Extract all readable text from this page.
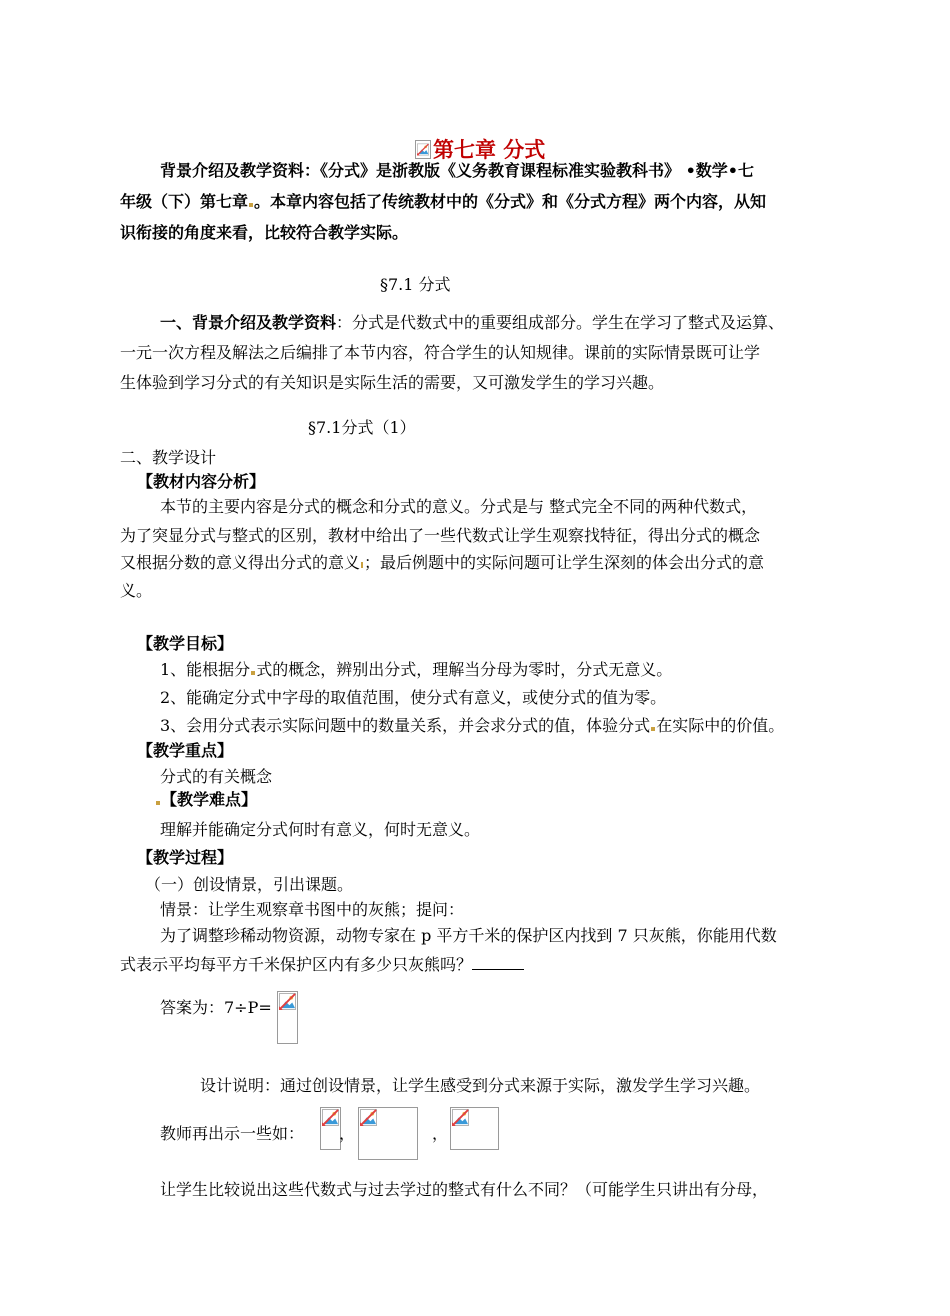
第七章 分式
背景介绍及教学资料：《分式》是浙教版《义务教育课程标准实验教科书》 •数学•七
年级（下）第七章 。本章内容包括了传统教材中的《分式》和《分式方程》两个内容，从知
识衔接的角度来看，比较符合教学实际。
§7.1 分式
一、背景介绍及教学资料：分式是代数式中的重要组成部分。学生在学习了整式及运算、
一元一次方程及解法之后编排了本节内容，符合学生的认知规律。课前的实际情景既可让学
生体验到学习分式的有关知识是实际生活的需要，又可激发学生的学习兴趣。
§7.1分式（1）
二、教学设计
【教材内容分析】
本节的主要内容是分式的概念和分式的意义。分式是与 整式完全不同的两种代数式，
为了突显分式与整式的区别，教材中给出了一些代数式让学生观察找特征，得出分式的概念
又根据分数的意义得出分式的意义 ；最后例题中的实际问题可让学生深刻的体会出分式的意
义。
【教学目标】
1、能根据分 式的概念，辨别出分式，理解当分母为零时，分式无意义。
2、能确定分式中字母的取值范围，使分式有意义，或使分式的值为零。
3、会用分式表示实际问题中的数量关系，并会求分式的值，体验分式 在实际中的价值。
【教学重点】
分式的有关概念
【教学难点】
理解并能确定分式何时有意义，何时无意义。
【教学过程】
（一）创设情景，引出课题。
情景：让学生观察章书图中的灰熊；提问：
为了调整珍稀动物资源，动物专家在 p 平方千米的保护区内找到 7 只灰熊，你能用代数
式表示平均每平方千米保护区内有多少只灰熊吗？
答案为：7÷P=
设计说明：通过创设情景，让学生感受到分式来源于实际，激发学生学习兴趣。
教师再出示一些如： ，	，
让学生比较说出这些代数式与过去学过的整式有什么不同？（可能学生只讲出有分母，
